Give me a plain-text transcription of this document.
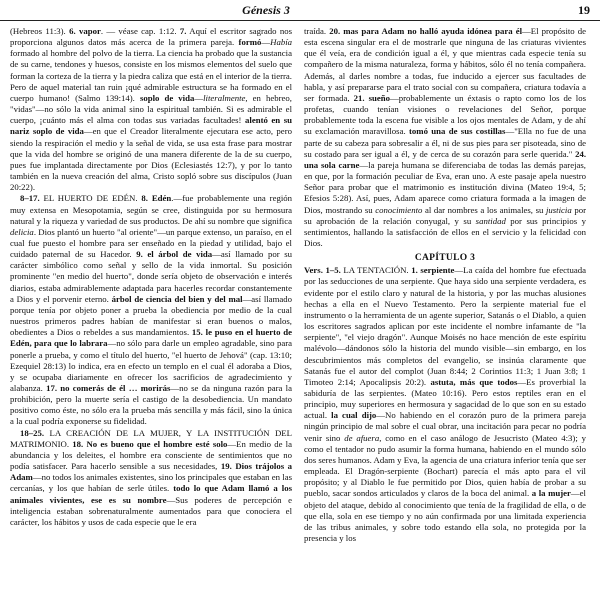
Génesis 3	19

(Hebreos 11:3). 6. vapor. — véase cap. 1:12. 7. Aquí el escritor sagrado nos proporciona algunos datos más acerca de la primera pareja. formó—Había formado al hombre del polvo de la tierra. La ciencia ha probado que la sustancia de su carne, tendones y huesos, consiste en los mismos elementos del suelo que forman la corteza de la tierra y la piedra caliza que está en el interior de la tierra. Pero de aquel material tan ruin ¡qué admirable estructura se ha formado en el cuerpo humano! (Salmo 139:14). soplo de vida—literalmente, en hebreo, "vidas"—no sólo la vida animal sino la espiritual también. Si es admirable el cuerpo, ¡cuánto más el alma con todas sus variadas facultades! alentó en su nariz soplo de vida—en que el Creador literalmente ejecutara ese acto, pero siendo la respiración el medio y la señal de vida, se usa esta frase para mostrar que la vida del hombre se originó de una manera diferente de la de su cuerpo, pues fue implantada directamente por Dios (Eclesiastés 12:7), y por lo tanto también en la nueva creación del alma, Cristo sopló sobre sus discípulos (Juan 20:22).

8–17. EL HUERTO DE EDÉN. 8. Edén.—fue probablemente una región muy extensa en Mesopotamia, según se cree, distinguida por su hermosura natural y la riqueza y variedad de sus productos. De ahí su nombre que significa delicia. Dios plantó un huerto "al oriente"—un parque extenso, un paraíso, en el cual fue puesto el hombre para ser enseñado en la piedad y utilidad, bajo el cuidado paternal de su Hacedor. 9. el árbol de vida—así llamado por su carácter simbólico como señal y sello de la vida inmortal. Su posición prominente "en medio del huerto", donde sería objeto de observación e interés diarios, estaba admirablemente adaptada para hacerles recordar constantemente a Dios y el porvenir eterno. árbol de ciencia del bien y del mal—así llamado porque tenía por objeto poner a prueba la obediencia por medio de la cual nuestros primeros padres habían de manifestar si eran buenos o malos, obedientes a Dios o rebeldes a sus mandamientos. 15. le puso en el huerto de Edén, para que lo labrara—no sólo para darle un empleo agradable, sino para ponerle a prueba, y como el título del huerto, "el huerto de Jehová" (cap. 13:10; Ezequiel 28:13) lo indica, era en efecto un templo en el cual él adoraba a Dios, y se ocupaba diariamente en ofrecer los sacrificios de agradecimiento y alabanza. 17. no comerás de él … morirás—no se da ninguna razón para la prohibición, pero la muerte sería el castigo de la desobediencia. Un mandato positivo como éste, no sólo era la prueba más sencilla y más fácil, sino la única a la cual podría exponerse su fidelidad.

18–25. LA CREACIÓN DE LA MUJER, Y LA INSTITUCIÓN DEL MATRIMONIO. 18. No es bueno que el hombre esté solo—En medio de la abundancia y los deleites, el hombre era consciente de sentimientos que no podía satisfacer. Para hacerlo sensible a sus necesidades, 19. Dios trájolos a Adam—no todos los animales existentes, sino los principales que estaban en las cercanías, y los que habían de serle útiles. todo lo que Adam llamó a los animales vivientes, ese es su nombre—Sus poderes de percepción e inteligencia estaban sobrenaturalmente aumentados para que conociera el carácter, los hábitos y usos de cada especie que le era

traída. 20. mas para Adam no halló ayuda idónea para él—El propósito de esta escena singular era el de mostrarle que ninguna de las criaturas vivientes que él veía, era de condición igual a él, y que mientras cada especie tenía su compañero de la misma naturaleza, forma y hábitos, sólo él no tenía compañera. Además, al darles nombre a todas, fue inducido a ejercer sus facultades de habla, y así prepararse para el trato social con su compañera, criatura todavía a ser formada. 21. sueño—probablemente un éxtasis o rapto como los de los profetas, cuando tenían visiones o revelaciones del Señor, porque probablemente toda la escena fue visible a los ojos mentales de Adam, y de ahí su exclamación maravillosa. tomó una de sus costillas—"Ella no fue de una parte de su cabeza para sobresalir a él, ni de sus pies para ser pisoteada, sino de su costado para ser igual a él, y de cerca de su corazón para serle querida." 24. una sola carne—la pareja humana se diferenciaba de todas las demás parejas, en que, por la formación peculiar de Eva, eran uno. A este pasaje apela nuestro Señor para probar que el matrimonio es institución divina (Mateo 19:4, 5; Efesios 5:28). Así, pues, Adam aparece como criatura formada a la imagen de Dios, mostrando su conocimiento al dar nombres a los animales, su justicia por su aprobación de la relación conyugal, y su santidad por sus principios y sentimientos, hallando la satisfacción de ellos en el servicio y la felicidad con Dios.

CAPÍTULO 3

Vers. 1–5. LA TENTACIÓN. 1. serpiente—La caída del hombre fue efectuada por las seducciones de una serpiente. Que haya sido una serpiente verdadera, es evidente por el estilo claro y natural de la historia, y por las muchas alusiones hechas a ella en el Nuevo Testamento. Pero la serpiente material fue el instrumento o la herramienta de un agente superior, Satanás o el Diablo, a quien los escritores sagrados aplican por este incidente el nombre infamante de "la serpiente", "el viejo dragón". Aunque Moisés no hace mención de este espíritu malévolo—dándonos sólo la historia del mundo visible—sin embargo, en los descubrimientos más completos del evangelio, se insinúa claramente que Satanás fue el autor del complot (Juan 8:44; 2 Corintios 11:3; 1 Juan 3:8; 1 Timoteo 2:14; Apocalipsis 20:2). astuta, más que todos—Es proverbial la sabiduría de las serpientes. (Mateo 10:16). Pero estos reptiles eran en el principio, muy superiores en hermosura y sagacidad de lo que son en su estado actual. la cual dijo—No habiendo en el corazón puro de la primera pareja ningún principio de mal sobre el cual obrar, una incitación para pecar no podría venir sino de afuera, como en el caso análogo de Jesucristo (Mateo 4:3); y como el tentador no pudo asumir la forma humana, habiendo en el mundo sólo dos seres humanos. Adam y Eva, la agencia de una criatura inferior tenía que ser empleada. El Dragón-serpiente (Bochart) parecía el más apto para el vil propósito; y al Diablo le fue permitido por Dios, quien había de probar a su pueblo, sacar sondos articulados y claros de la boca del animal. a la mujer—el objeto del ataque, debido al conocimiento que tenía de la fragilidad de ella, o de que ella, sola en ese tiempo y no aún confirmada por una limitada experiencia de las tribus animales, y sobre todo estando ella sola, no protegida por la presencia y los
